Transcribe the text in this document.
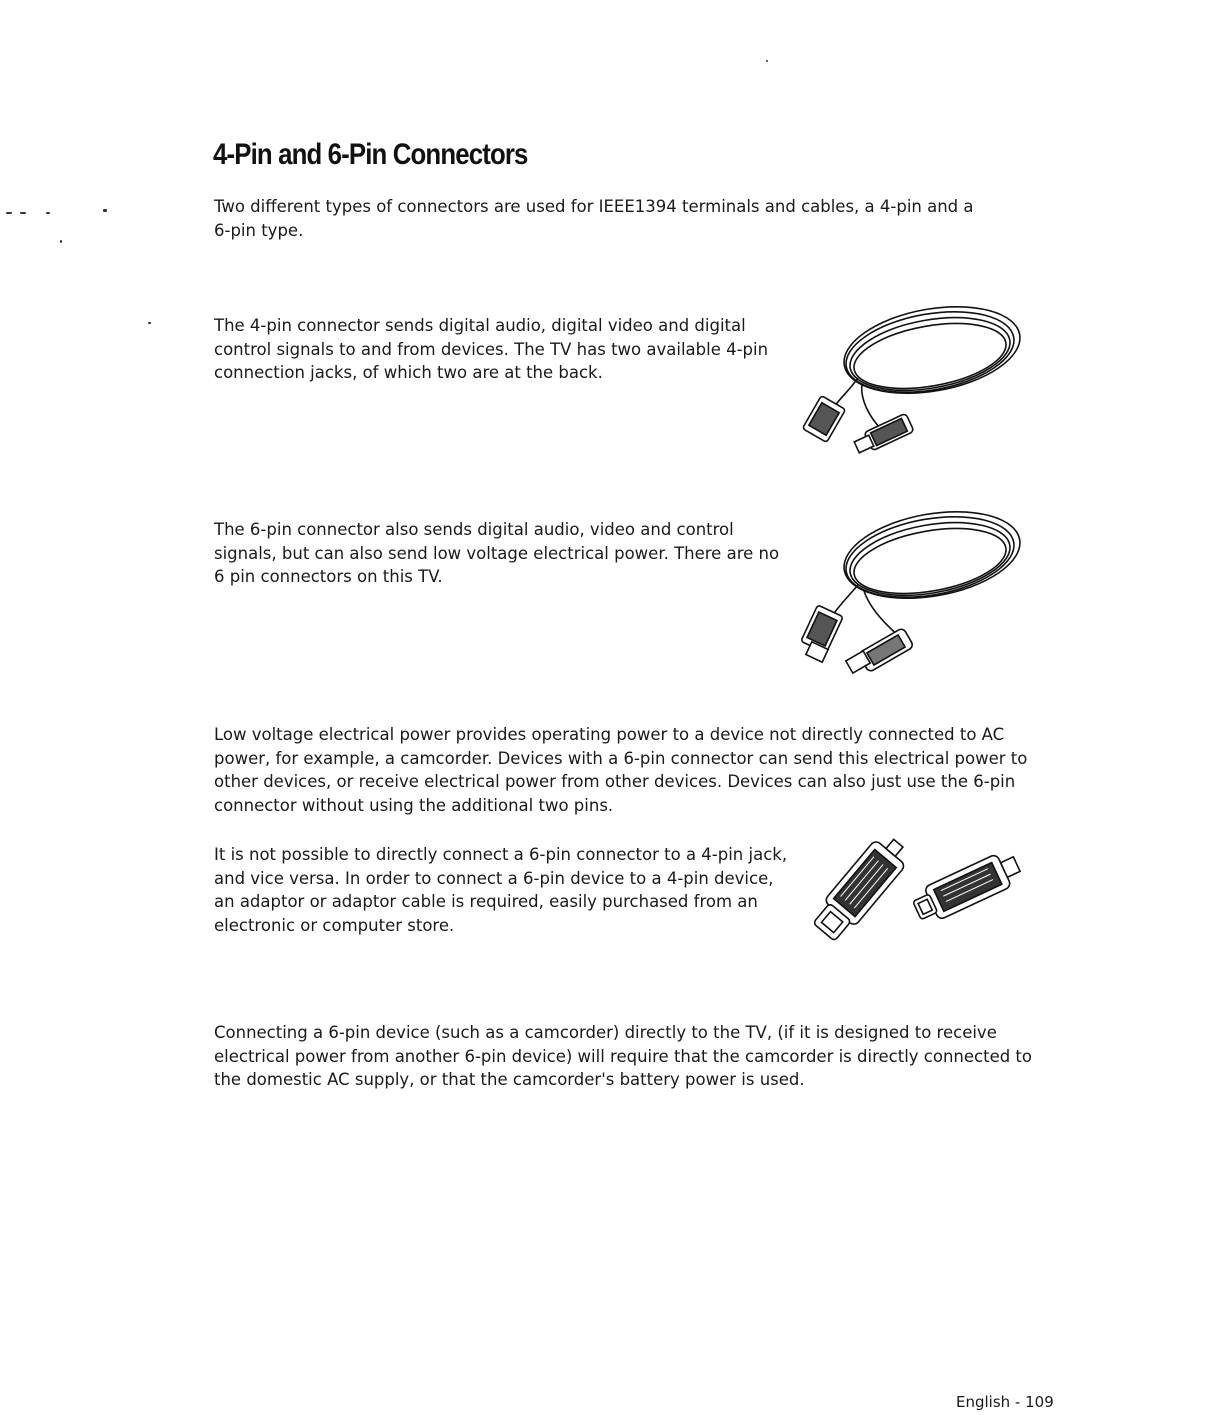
4-Pin and 6-Pin Connectors

Two different types of connectors are used for IEEE1394 terminals and cables, a 4-pin and a 6-pin type.

The 4-pin connector sends digital audio, digital video and digital control signals to and from devices. The TV has two available 4-pin connection jacks, of which two are at the back.

The 6-pin connector also sends digital audio, video and control signals, but can also send low voltage electrical power. There are no 6 pin connectors on this TV.

Low voltage electrical power provides operating power to a device not directly connected to AC power, for example, a camcorder. Devices with a 6-pin connector can send this electrical power to other devices, or receive electrical power from other devices. Devices can also just use the 6-pin connector without using the additional two pins.

It is not possible to directly connect a 6-pin connector to a 4-pin jack, and vice versa. In order to connect a 6-pin device to a 4-pin device, an adaptor or adaptor cable is required, easily purchased from an electronic or computer store.

Connecting a 6-pin device (such as a camcorder) directly to the TV, (if it is designed to receive electrical power from another 6-pin device) will require that the camcorder is directly connected to the domestic AC supply, or that the camcorder's battery power is used.

English - 109
